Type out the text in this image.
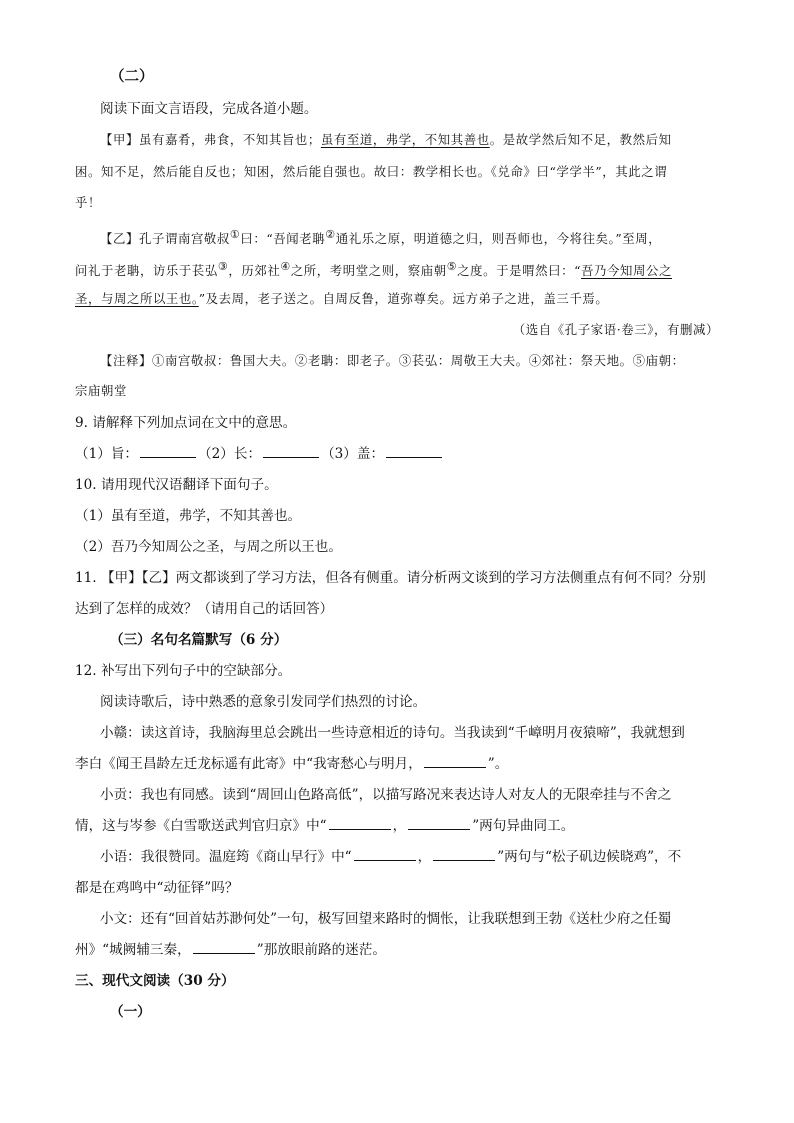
（二）
阅读下面文言语段，完成各道小题。
【甲】虽有嘉肴，弗食，不知其旨也；虽有至道，弗学，不知其善也。是故学然后知不足，教然后知
困。知不足，然后能自反也；知困，然后能自强也。故曰：教学相长也。《兑命》曰“学学半”，其此之谓
乎！
【乙】孔子谓南宫敬叔①曰：“吾闻老聃②通礼乐之原，明道德之归，则吾师也，今将往矣。”至周，
问礼于老聃，访乐于苌弘③，历郊社④之所，考明堂之则，察庙朝⑤之度。于是喟然曰：“吾乃今知周公之
圣，与周之所以王也。”及去周，老子送之。自周反鲁，道弥尊矣。远方弟子之进，盖三千焉。
（选自《孔子家语·卷三》，有删减）
【注释】①南宫敬叔：鲁国大夫。②老聃：即老子。③苌弘：周敬王大夫。④郊社：祭天地。⑤庙朝：
宗庙朝堂
9. 请解释下列加点词在文中的意思。
（1）旨：	（2）长：	（3）盖：
10. 请用现代汉语翻译下面句子。
（1）虽有至道，弗学，不知其善也。
（2）吾乃今知周公之圣，与周之所以王也。
11. 【甲】【乙】两文都谈到了学习方法，但各有侧重。请分析两文谈到的学习方法侧重点有何不同？分别
达到了怎样的成效？（请用自己的话回答）
（三）名句名篇默写（6 分）
12. 补写出下列句子中的空缺部分。
阅读诗歌后，诗中熟悉的意象引发同学们热烈的讨论。
小赣：读这首诗，我脑海里总会跳出一些诗意相近的诗句。当我读到“千嶂明月夜猿啼”，我就想到
李白《闻王昌龄左迁龙标遥有此寄》中“我寄愁心与明月，	”。
小贡：我也有同感。读到“周回山色路高低”，以描写路况来表达诗人对友人的无限牵挂与不舍之
情，这与岑参《白雪歌送武判官归京》中“	，	”两句异曲同工。
小语：我很赞同。温庭筠《商山早行》中“	，	”两句与“松子矶边候晓鸡”，不
都是在鸡鸣中“动征铎”吗？
小文：还有“回首姑苏渺何处”一句，极写回望来路时的惆怅，让我联想到王勃《送杜少府之任蜀
州》“城阙辅三秦，	”那放眼前路的迷茫。
三、现代文阅读（30 分）
（一）
